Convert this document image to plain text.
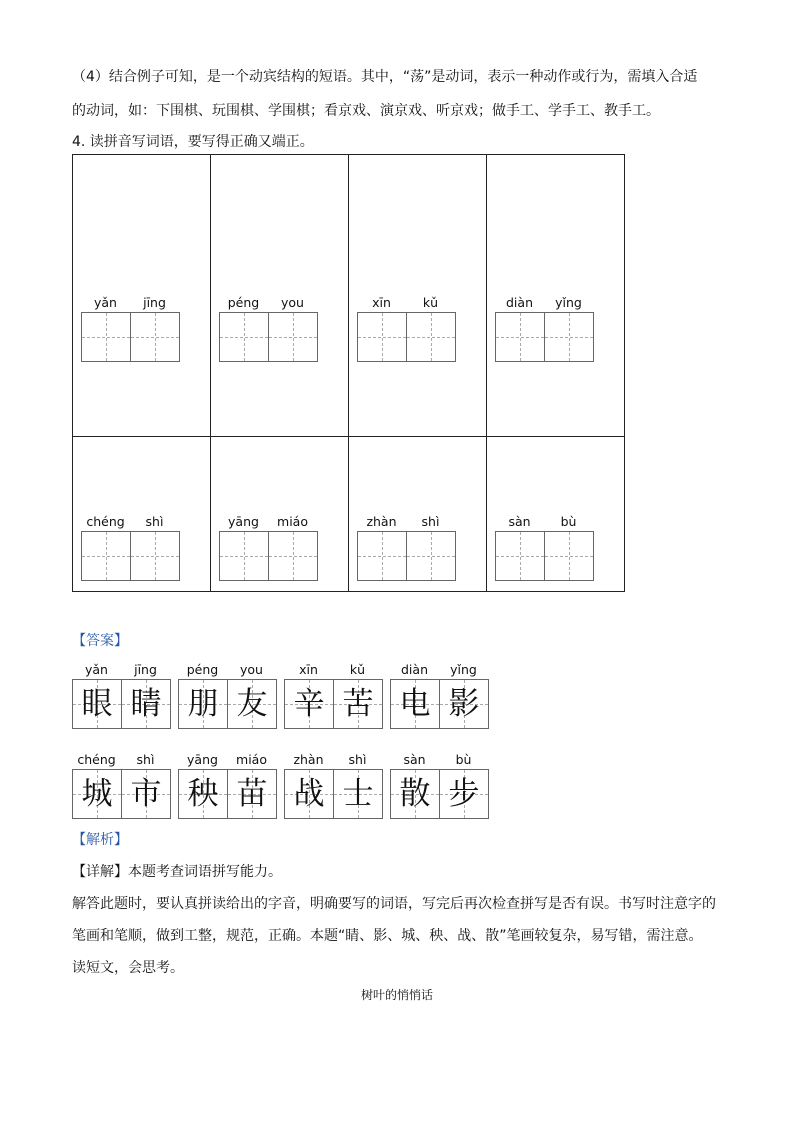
（4）结合例子可知，是一个动宾结构的短语。其中，“荡”是动词，表示一种动作或行为，需填入合适
的动词，如：下围棋、玩围棋、学围棋；看京戏、演京戏、听京戏；做手工、学手工、教手工。
4. 读拼音写词语，要写得正确又端正。
yǎn jīng	péng you	xīn kǔ	diàn yǐng

chéng shì	yāng miáo	zhàn shì	sàn bù
【答案】
yǎn	jīng
眼 睛
péng	you
朋 友
xīn	kǔ
辛 苦
diàn	yǐng
电 影
chéng	shì
城 市
yāng	miáo
秧 苗
zhàn	shì
战 士
sàn	bù
散 步
【解析】
【详解】本题考查词语拼写能力。
解答此题时，要认真拼读给出的字音，明确要写的词语，写完后再次检查拼写是否有误。书写时注意字的
笔画和笔顺，做到工整，规范，正确。本题“睛、影、城、秧、战、散”笔画较复杂，易写错，需注意。
读短文，会思考。
树叶的悄悄话
